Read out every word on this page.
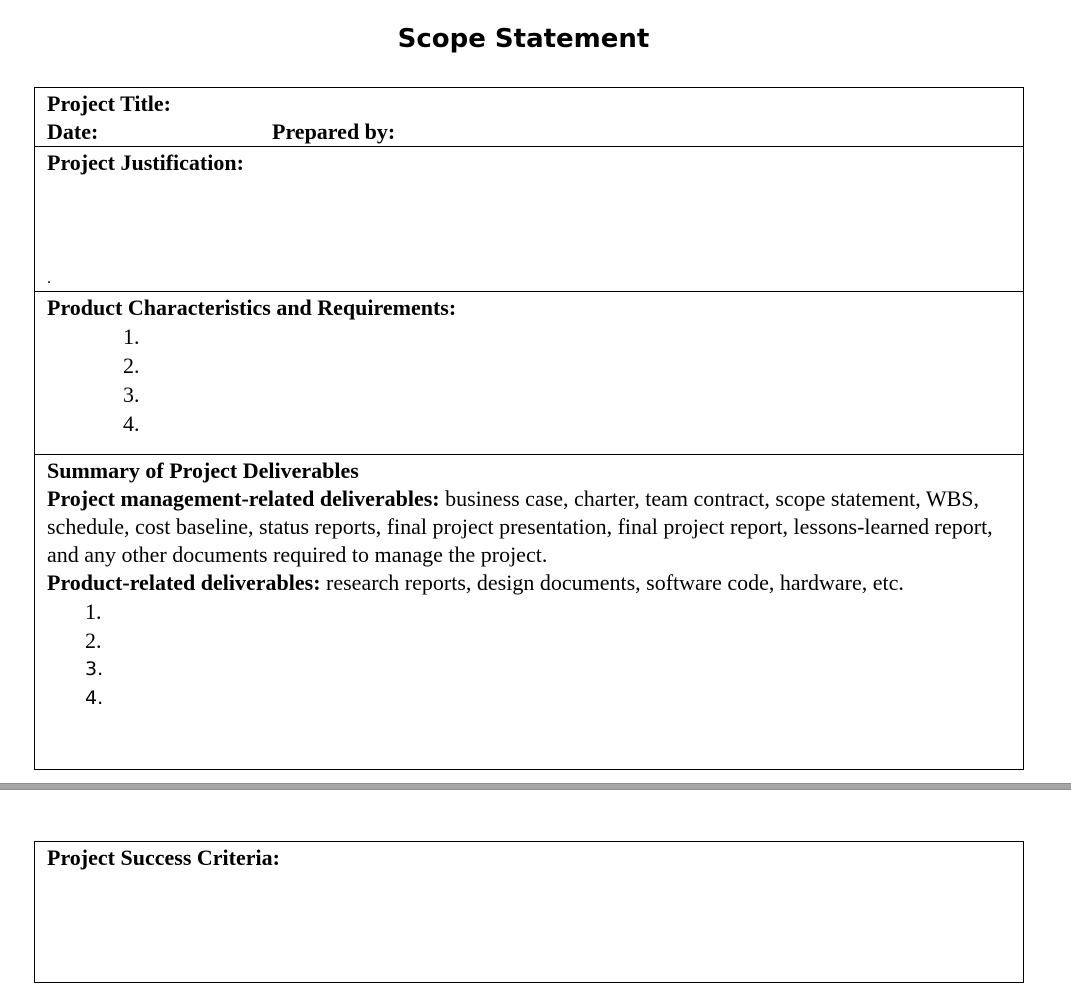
Scope Statement
Project Title:
Date:	Prepared by:
Project Justification:
.
Product Characteristics and Requirements:
1.
2.
3.
4.
Summary of Project Deliverables
Project management-related deliverables: business case, charter, team contract, scope statement, WBS, schedule, cost baseline, status reports, final project presentation, final project report, lessons-learned report, and any other documents required to manage the project.
Product-related deliverables: research reports, design documents, software code, hardware, etc.
1.
2.
3.
4.
Project Success Criteria:
